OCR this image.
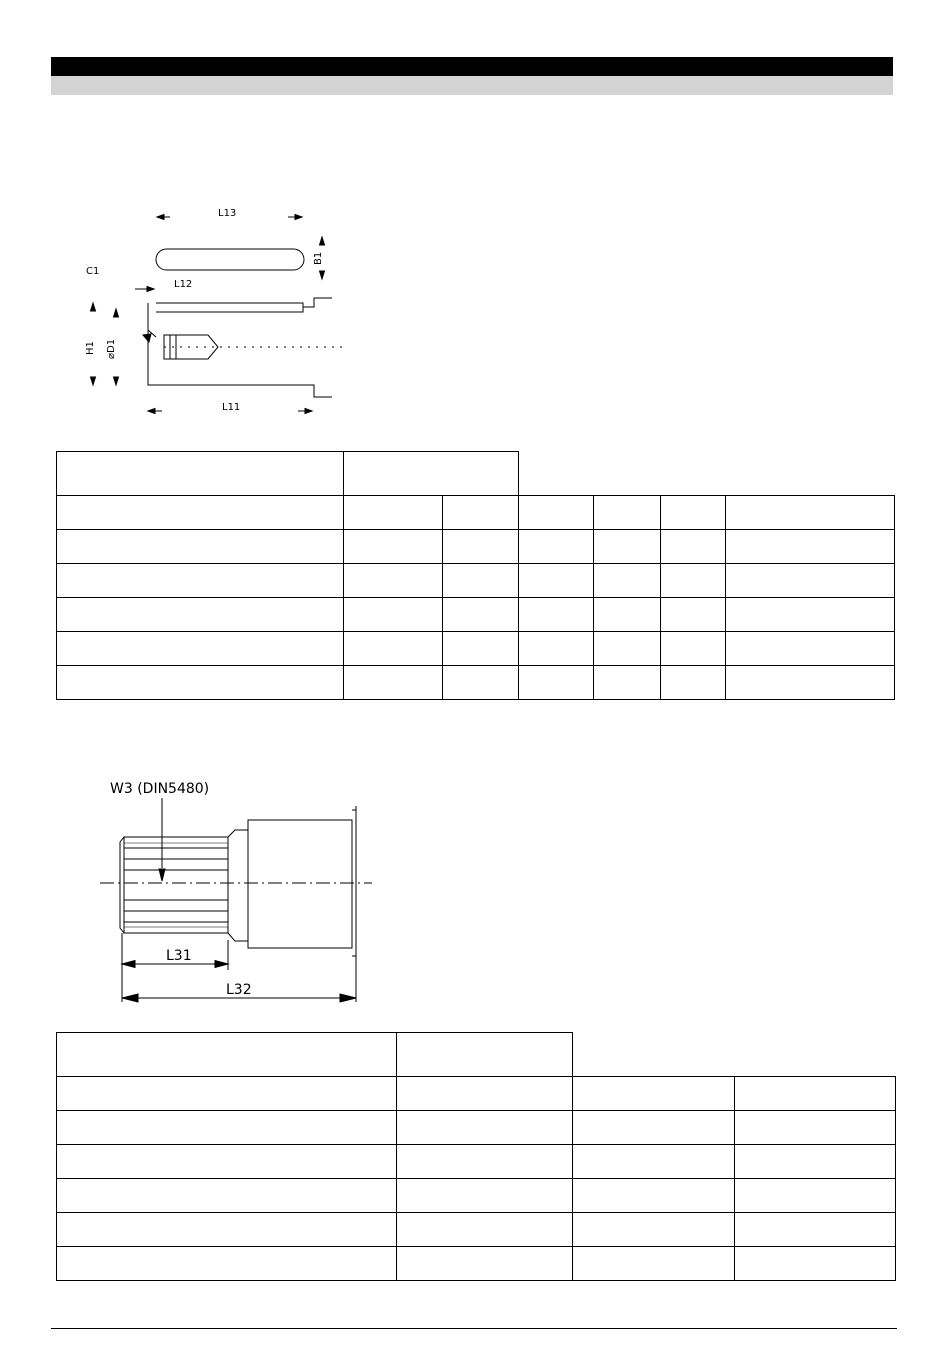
L13
B1
C1
L12
H1 ⌀D1
L11

W3 (DIN5480)
L31
L32
